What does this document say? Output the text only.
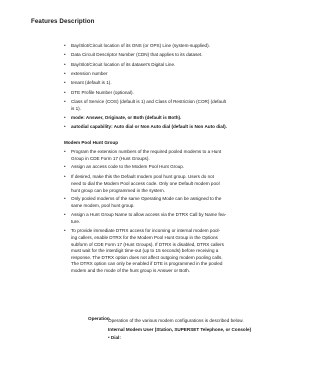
Features Description
• Bay/Slot/Circuit location of its ONS (or OPS) Line (system-supplied).
• Data Circuit Descriptor Number (CDN) that applies to its dataset.
• Bay/Slot/Circuit location of its dataset's Digital Line.
• extension number
• tenant (default is 1).
• DTE Profile Number (optional).
• Class of Service (COS) (default is 1) and Class of Restriction (COR) (default
is 1).
• mode: Answer, Originate, or Both (default is Both).
• autodial capability: Auto dial or Non Auto dial (default is Non Auto dial).
Modem Pool Hunt Group
• Program the extension numbers of the required pooled modems to a Hunt
Group in CDE Form 17 (Hunt Groups).
• Assign an access code to the Modem Pool Hunt Group.
• If desired, make this the Default modem pool hunt group. Users do not
need to dial the Modem Pool access code. Only one Default modem pool
hunt group can be programmed in the system.
• Only pooled modems of the same Operating Mode can be assigned to the
same modem, pool hunt group.
• Assign a Hunt Group Name to allow access via the DTRX Call by Name fea-
ture.
• To provide immediate DTRX access for incoming or internal modem pool-
ing callers, enable DTRX for the Modem Pool Hunt Group in the Options
subform of CDE Form 17 (Hunt Groups). If DTRX is disabled, DTRX callers
must wait for the interdigit time-out (up to 15 seconds) before receiving a
response. The DTRX option does not affect outgoing modem pooling calls.
The DTRX option can only be enabled if DTE is programmed in the pooled
modem and the mode of the hunt group is Answer or Both.
Operation
Operation of the various modem configurations is described below.
Internal Modem User (Station, SUPERSET Telephone, or Console)
• Dial:
